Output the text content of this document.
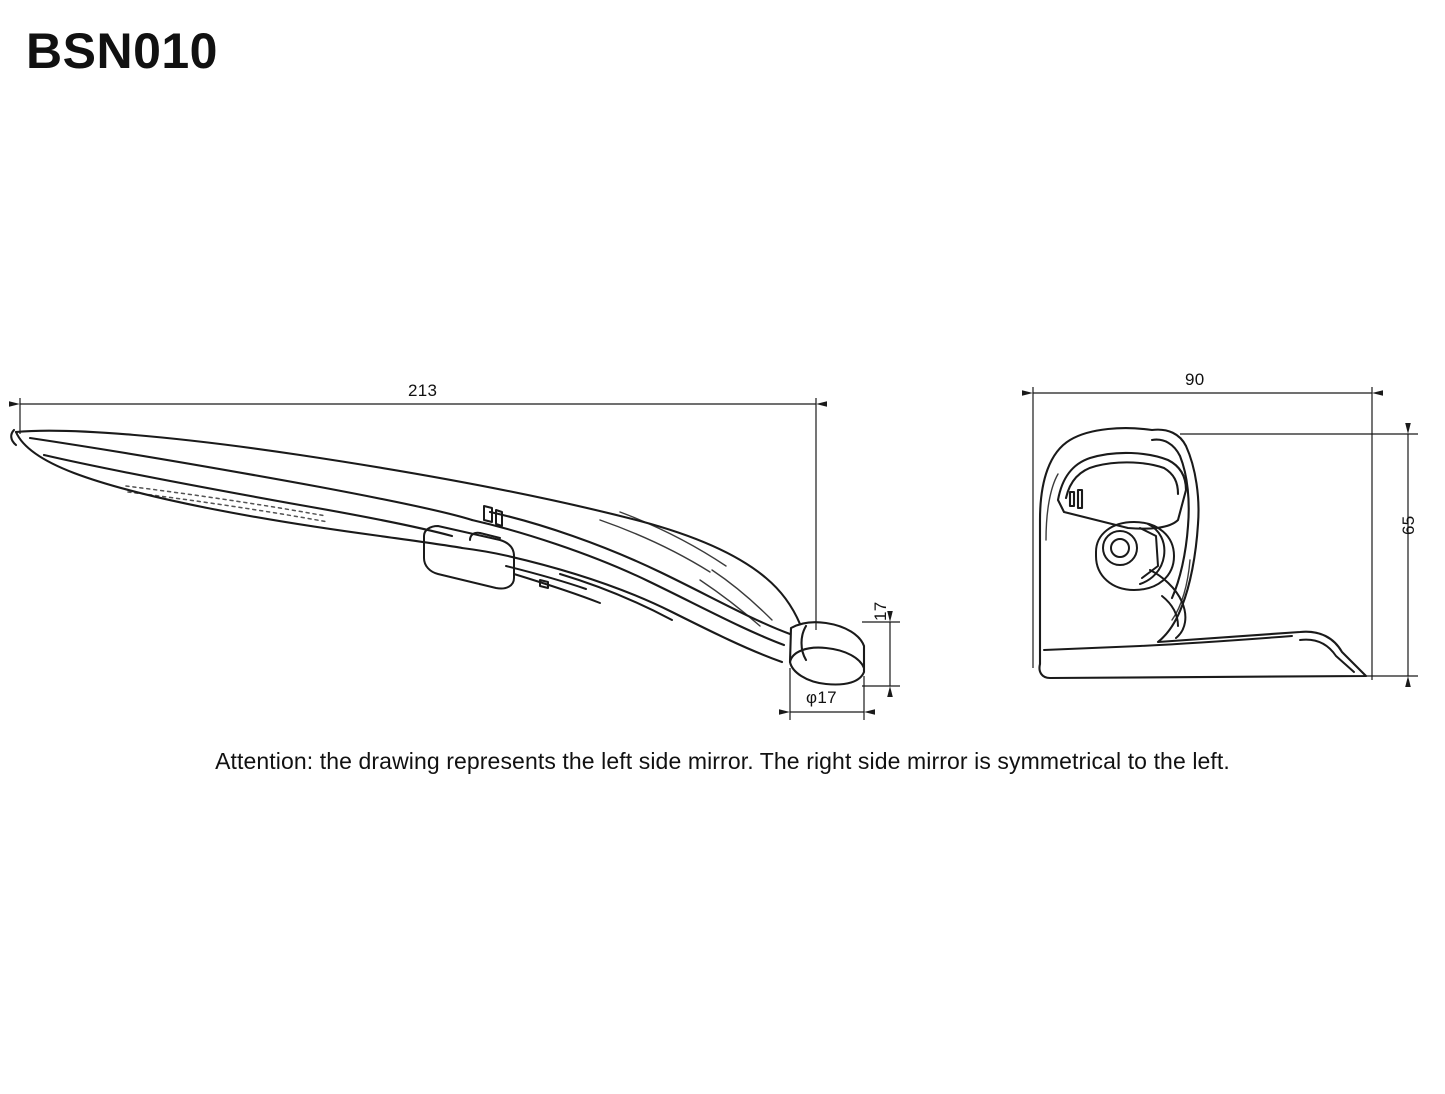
BSN010
213
φ17
17
90
65
Attention: the drawing represents the left side mirror. The right side mirror is symmetrical to the left.
